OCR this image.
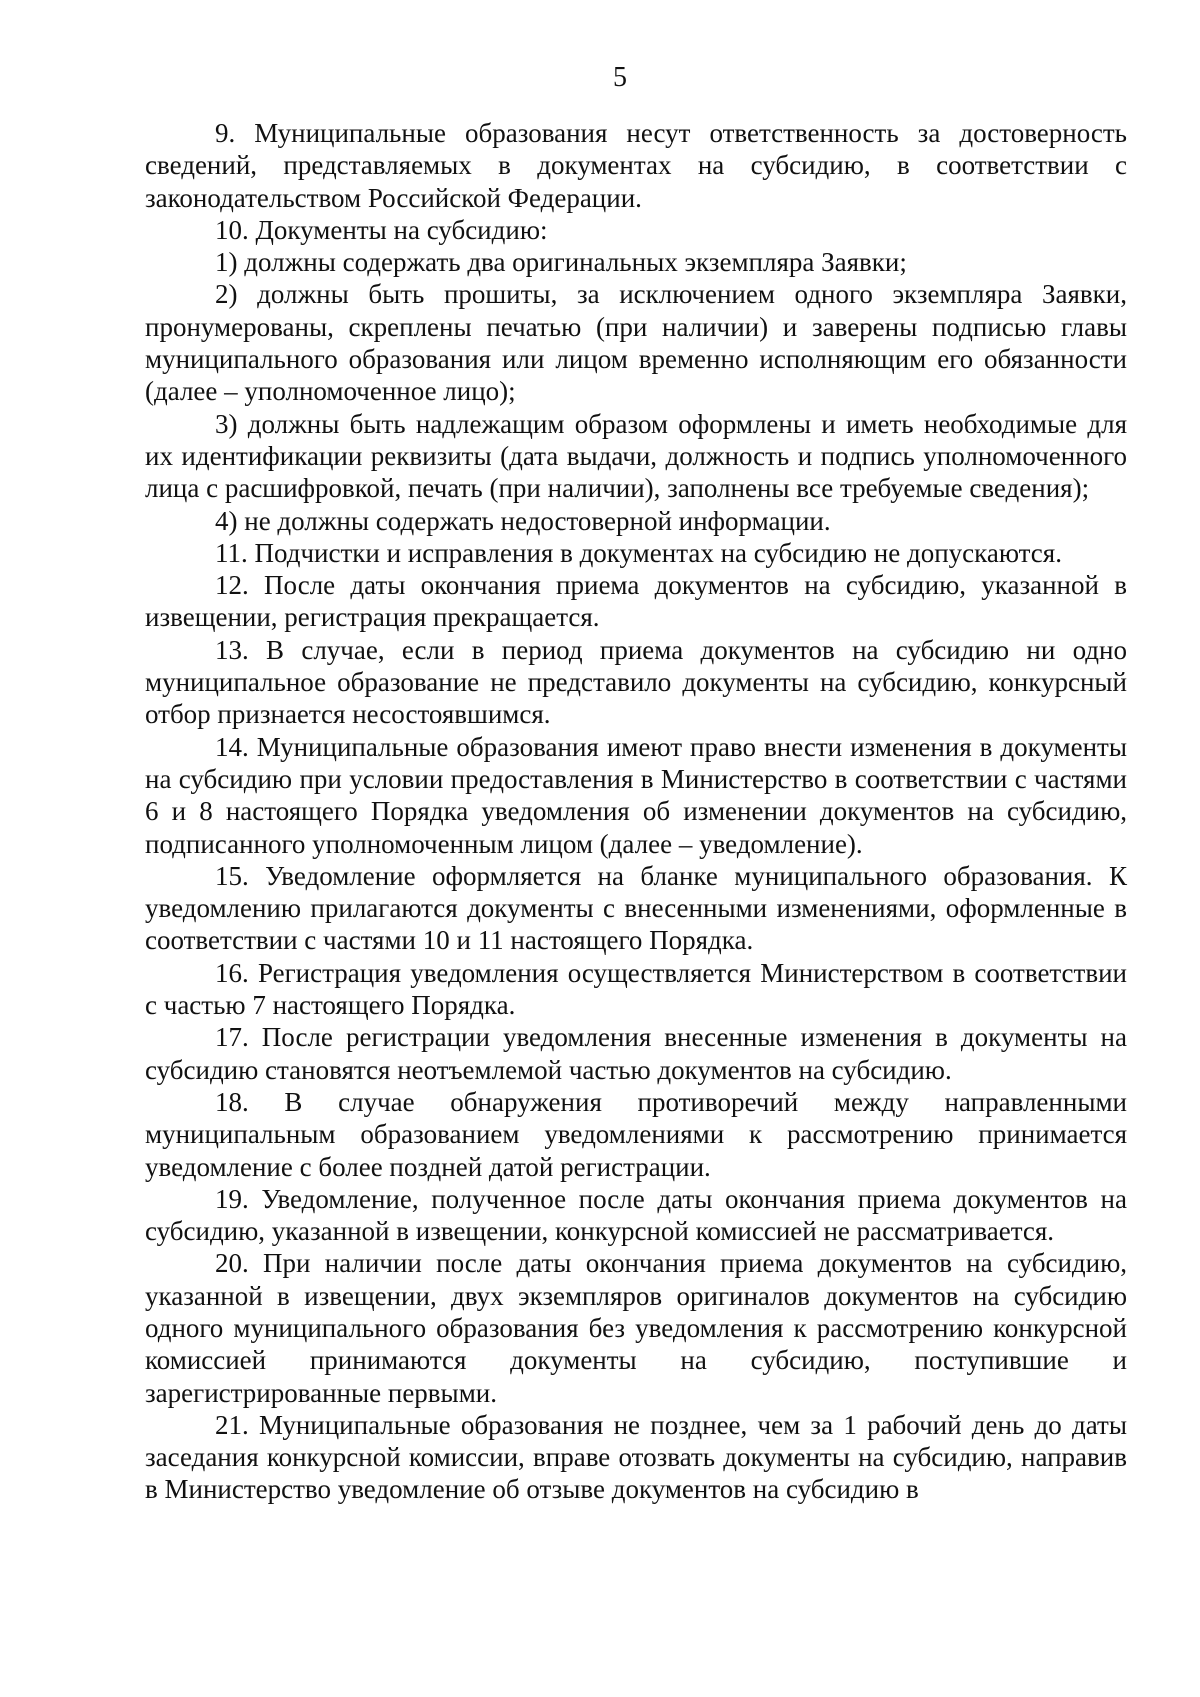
5

9. Муниципальные образования несут ответственность за достоверность сведений, представляемых в документах на субсидию, в соответствии с законодательством Российской Федерации.

10. Документы на субсидию:

1) должны содержать два оригинальных экземпляра Заявки;

2) должны быть прошиты, за исключением одного экземпляра Заявки, пронумерованы, скреплены печатью (при наличии) и заверены подписью главы муниципального образования или лицом временно исполняющим его обязанности (далее – уполномоченное лицо);

3) должны быть надлежащим образом оформлены и иметь необходимые для их идентификации реквизиты (дата выдачи, должность и подпись уполномоченного лица с расшифровкой, печать (при наличии), заполнены все требуемые сведения);

4) не должны содержать недостоверной информации.

11. Подчистки и исправления в документах на субсидию не допускаются.

12. После даты окончания приема документов на субсидию, указанной в извещении, регистрация прекращается.

13. В случае, если в период приема документов на субсидию ни одно муниципальное образование не представило документы на субсидию, конкурсный отбор признается несостоявшимся.

14. Муниципальные образования имеют право внести изменения в документы на субсидию при условии предоставления в Министерство в соответствии с частями 6 и 8 настоящего Порядка уведомления об изменении документов на субсидию, подписанного уполномоченным лицом (далее – уведомление).

15. Уведомление оформляется на бланке муниципального образования. К уведомлению прилагаются документы с внесенными изменениями, оформленные в соответствии с частями 10 и 11 настоящего Порядка.

16. Регистрация уведомления осуществляется Министерством в соответствии с частью 7 настоящего Порядка.

17. После регистрации уведомления внесенные изменения в документы на субсидию становятся неотъемлемой частью документов на субсидию.

18. В случае обнаружения противоречий между направленными муниципальным образованием уведомлениями к рассмотрению принимается уведомление с более поздней датой регистрации.

19. Уведомление, полученное после даты окончания приема документов на субсидию, указанной в извещении, конкурсной комиссией не рассматривается.

20. При наличии после даты окончания приема документов на субсидию, указанной в извещении, двух экземпляров оригиналов документов на субсидию одного муниципального образования без уведомления к рассмотрению конкурсной комиссией принимаются документы на субсидию, поступившие и зарегистрированные первыми.

21. Муниципальные образования не позднее, чем за 1 рабочий день до даты заседания конкурсной комиссии, вправе отозвать документы на субсидию, направив в Министерство уведомление об отзыве документов на субсидию в
